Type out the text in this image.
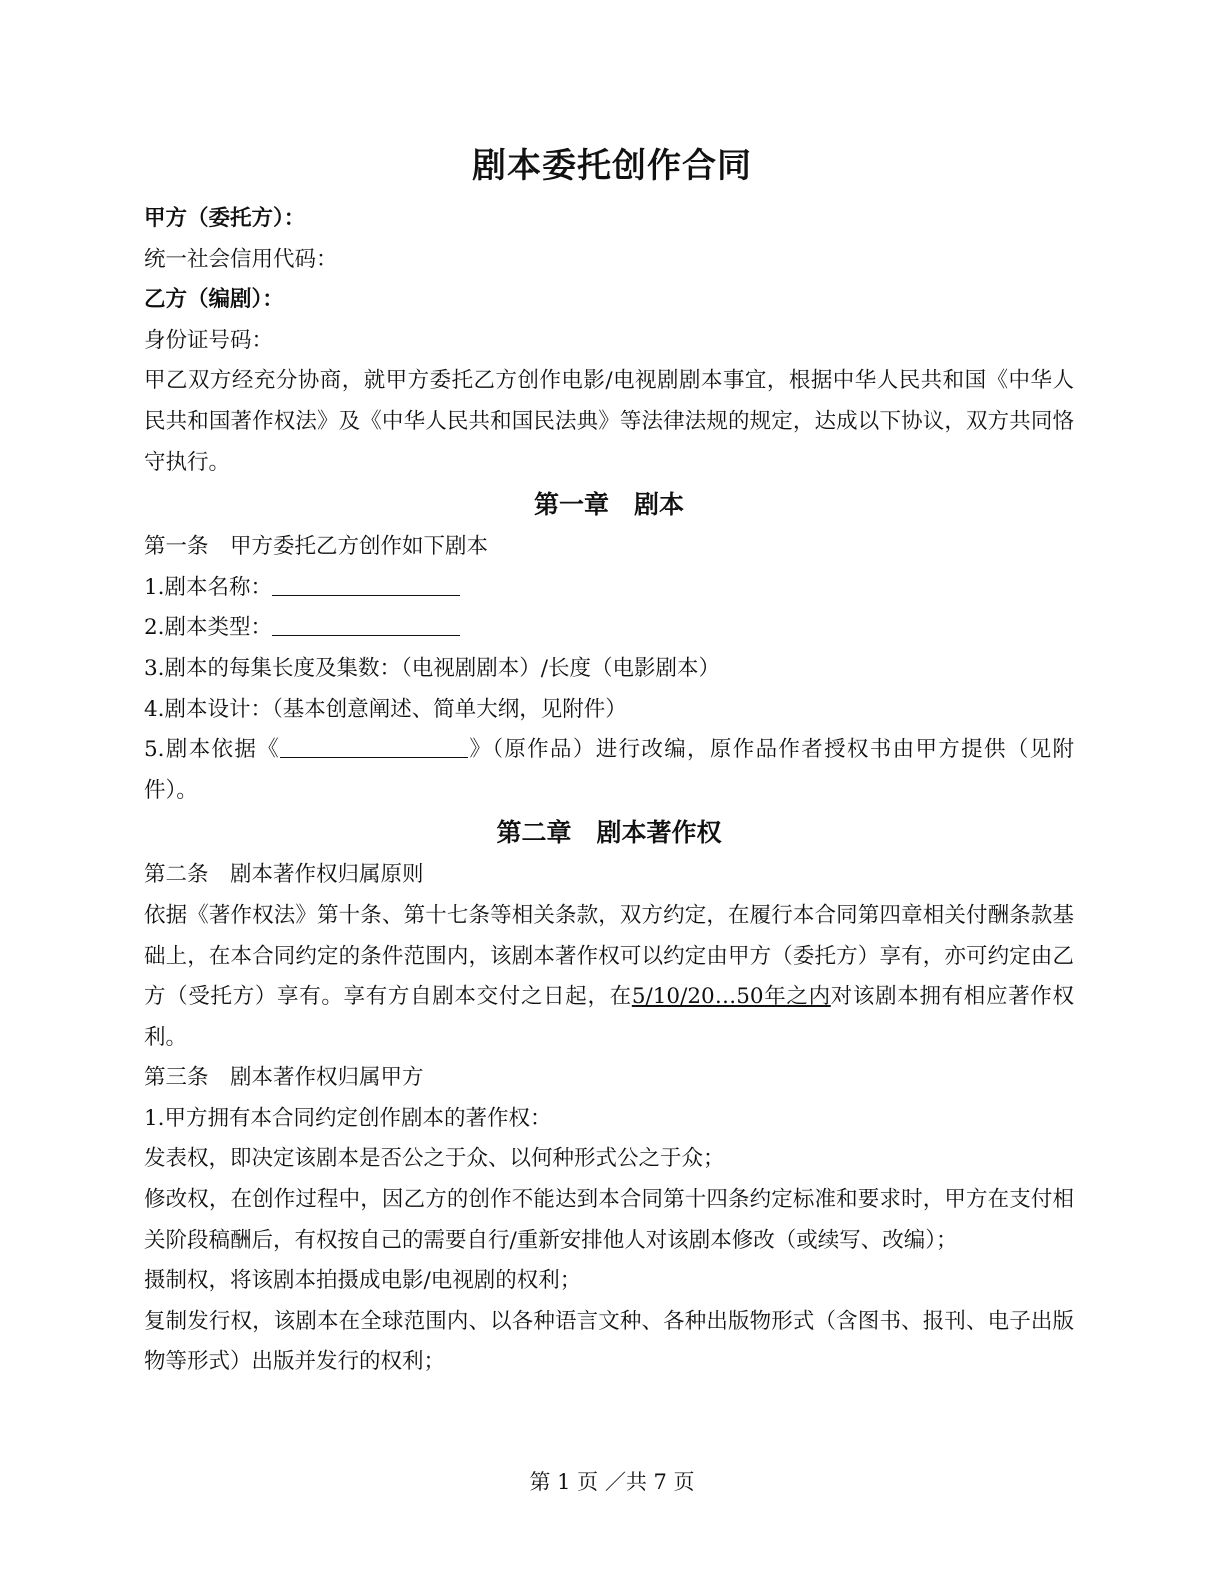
剧本委托创作合同
甲方（委托方）：
统一社会信用代码：
乙方（编剧）：
身份证号码：
甲乙双方经充分协商，就甲方委托乙方创作电影/电视剧剧本事宜，根据中华人民共和国《中华人民共和国著作权法》及《中华人民共和国民法典》等法律法规的规定，达成以下协议，双方共同恪守执行。
第一章　剧本
第一条　甲方委托乙方创作如下剧本
1.剧本名称：
2.剧本类型：
3.剧本的每集长度及集数：（电视剧剧本）/长度（电影剧本）
4.剧本设计：（基本创意阐述、简单大纲，见附件）
5.剧本依据《	》（原作品）进行改编，原作品作者授权书由甲方提供（见附件）。
第二章　剧本著作权
第二条　剧本著作权归属原则
依据《著作权法》第十条、第十七条等相关条款，双方约定，在履行本合同第四章相关付酬条款基础上，在本合同约定的条件范围内，该剧本著作权可以约定由甲方（委托方）享有，亦可约定由乙方（受托方）享有。享有方自剧本交付之日起，在5/10/20…50年之内对该剧本拥有相应著作权利。
第三条　剧本著作权归属甲方
1.甲方拥有本合同约定创作剧本的著作权：
发表权，即决定该剧本是否公之于众、以何种形式公之于众；
修改权，在创作过程中，因乙方的创作不能达到本合同第十四条约定标准和要求时，甲方在支付相关阶段稿酬后，有权按自己的需要自行/重新安排他人对该剧本修改（或续写、改编）；
摄制权，将该剧本拍摄成电影/电视剧的权利；
复制发行权，该剧本在全球范围内、以各种语言文种、各种出版物形式（含图书、报刊、电子出版物等形式）出版并发行的权利；
第 1 页 ／共 7 页
